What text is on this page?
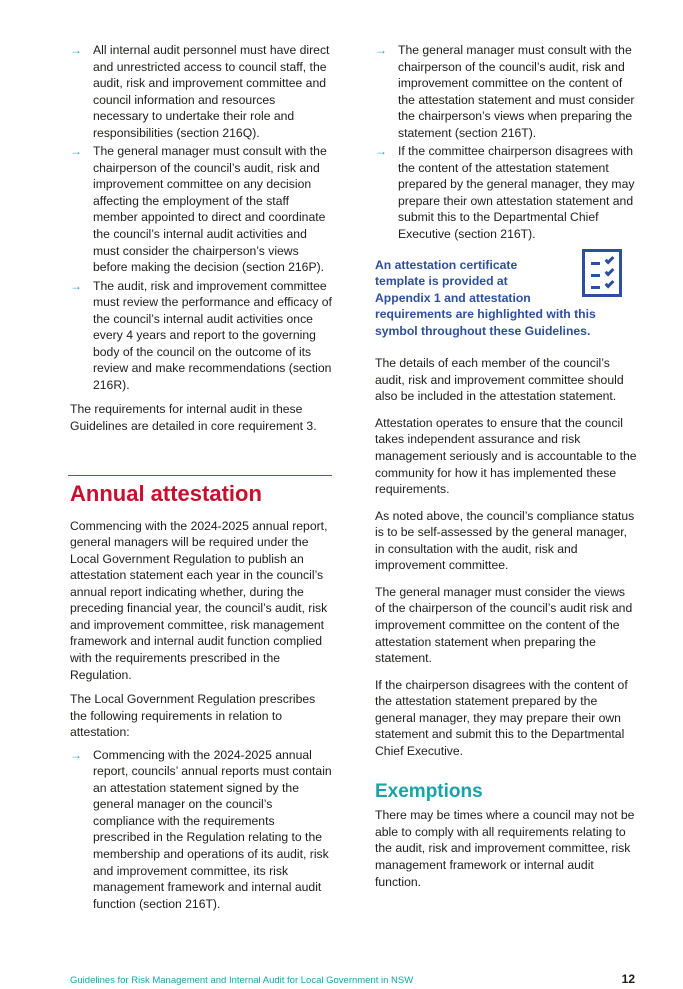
→ All internal audit personnel must have direct and unrestricted access to council staff, the audit, risk and improvement committee and council information and resources necessary to undertake their role and responsibilities (section 216Q).
→ The general manager must consult with the chairperson of the council’s audit, risk and improvement committee on any decision affecting the employment of the staff member appointed to direct and coordinate the council’s internal audit activities and must consider the chairperson’s views before making the decision (section 216P).
→ The audit, risk and improvement committee must review the performance and efficacy of the council’s internal audit activities once every 4 years and report to the governing body of the council on the outcome of its review and make recommendations (section 216R).

The requirements for internal audit in these Guidelines are detailed in core requirement 3.

Annual attestation

Commencing with the 2024-2025 annual report, general managers will be required under the Local Government Regulation to publish an attestation statement each year in the council’s annual report indicating whether, during the preceding financial year, the council’s audit, risk and improvement committee, risk management framework and internal audit function complied with the requirements prescribed in the Regulation.

The Local Government Regulation prescribes the following requirements in relation to attestation:

→ Commencing with the 2024-2025 annual report, councils’ annual reports must contain an attestation statement signed by the general manager on the council’s compliance with the requirements prescribed in the Regulation relating to the membership and operations of its audit, risk and improvement committee, its risk management framework and internal audit function (section 216T).
→ The general manager must consult with the chairperson of the council’s audit, risk and improvement committee on the content of the attestation statement and must consider the chairperson’s views when preparing the statement (section 216T).
→ If the committee chairperson disagrees with the content of the attestation statement prepared by the general manager, they may prepare their own attestation statement and submit this to the Departmental Chief Executive (section 216T).
An attestation certificate
template is provided at
Appendix 1 and attestation
requirements are highlighted with this symbol throughout these Guidelines.

The details of each member of the council’s audit, risk and improvement committee should also be included in the attestation statement.

Attestation operates to ensure that the council takes independent assurance and risk management seriously and is accountable to the community for how it has implemented these requirements.

As noted above, the council’s compliance status is to be self-assessed by the general manager, in consultation with the audit, risk and improvement committee.

The general manager must consider the views of the chairperson of the council’s audit risk and improvement committee on the content of the attestation statement when preparing the statement.

If the chairperson disagrees with the content of the attestation statement prepared by the general manager, they may prepare their own statement and submit this to the Departmental Chief Executive.

Exemptions

There may be times where a council may not be able to comply with all requirements relating to the audit, risk and improvement committee, risk management framework or internal audit function.

Guidelines for Risk Management and Internal Audit for Local Government in NSW	12
